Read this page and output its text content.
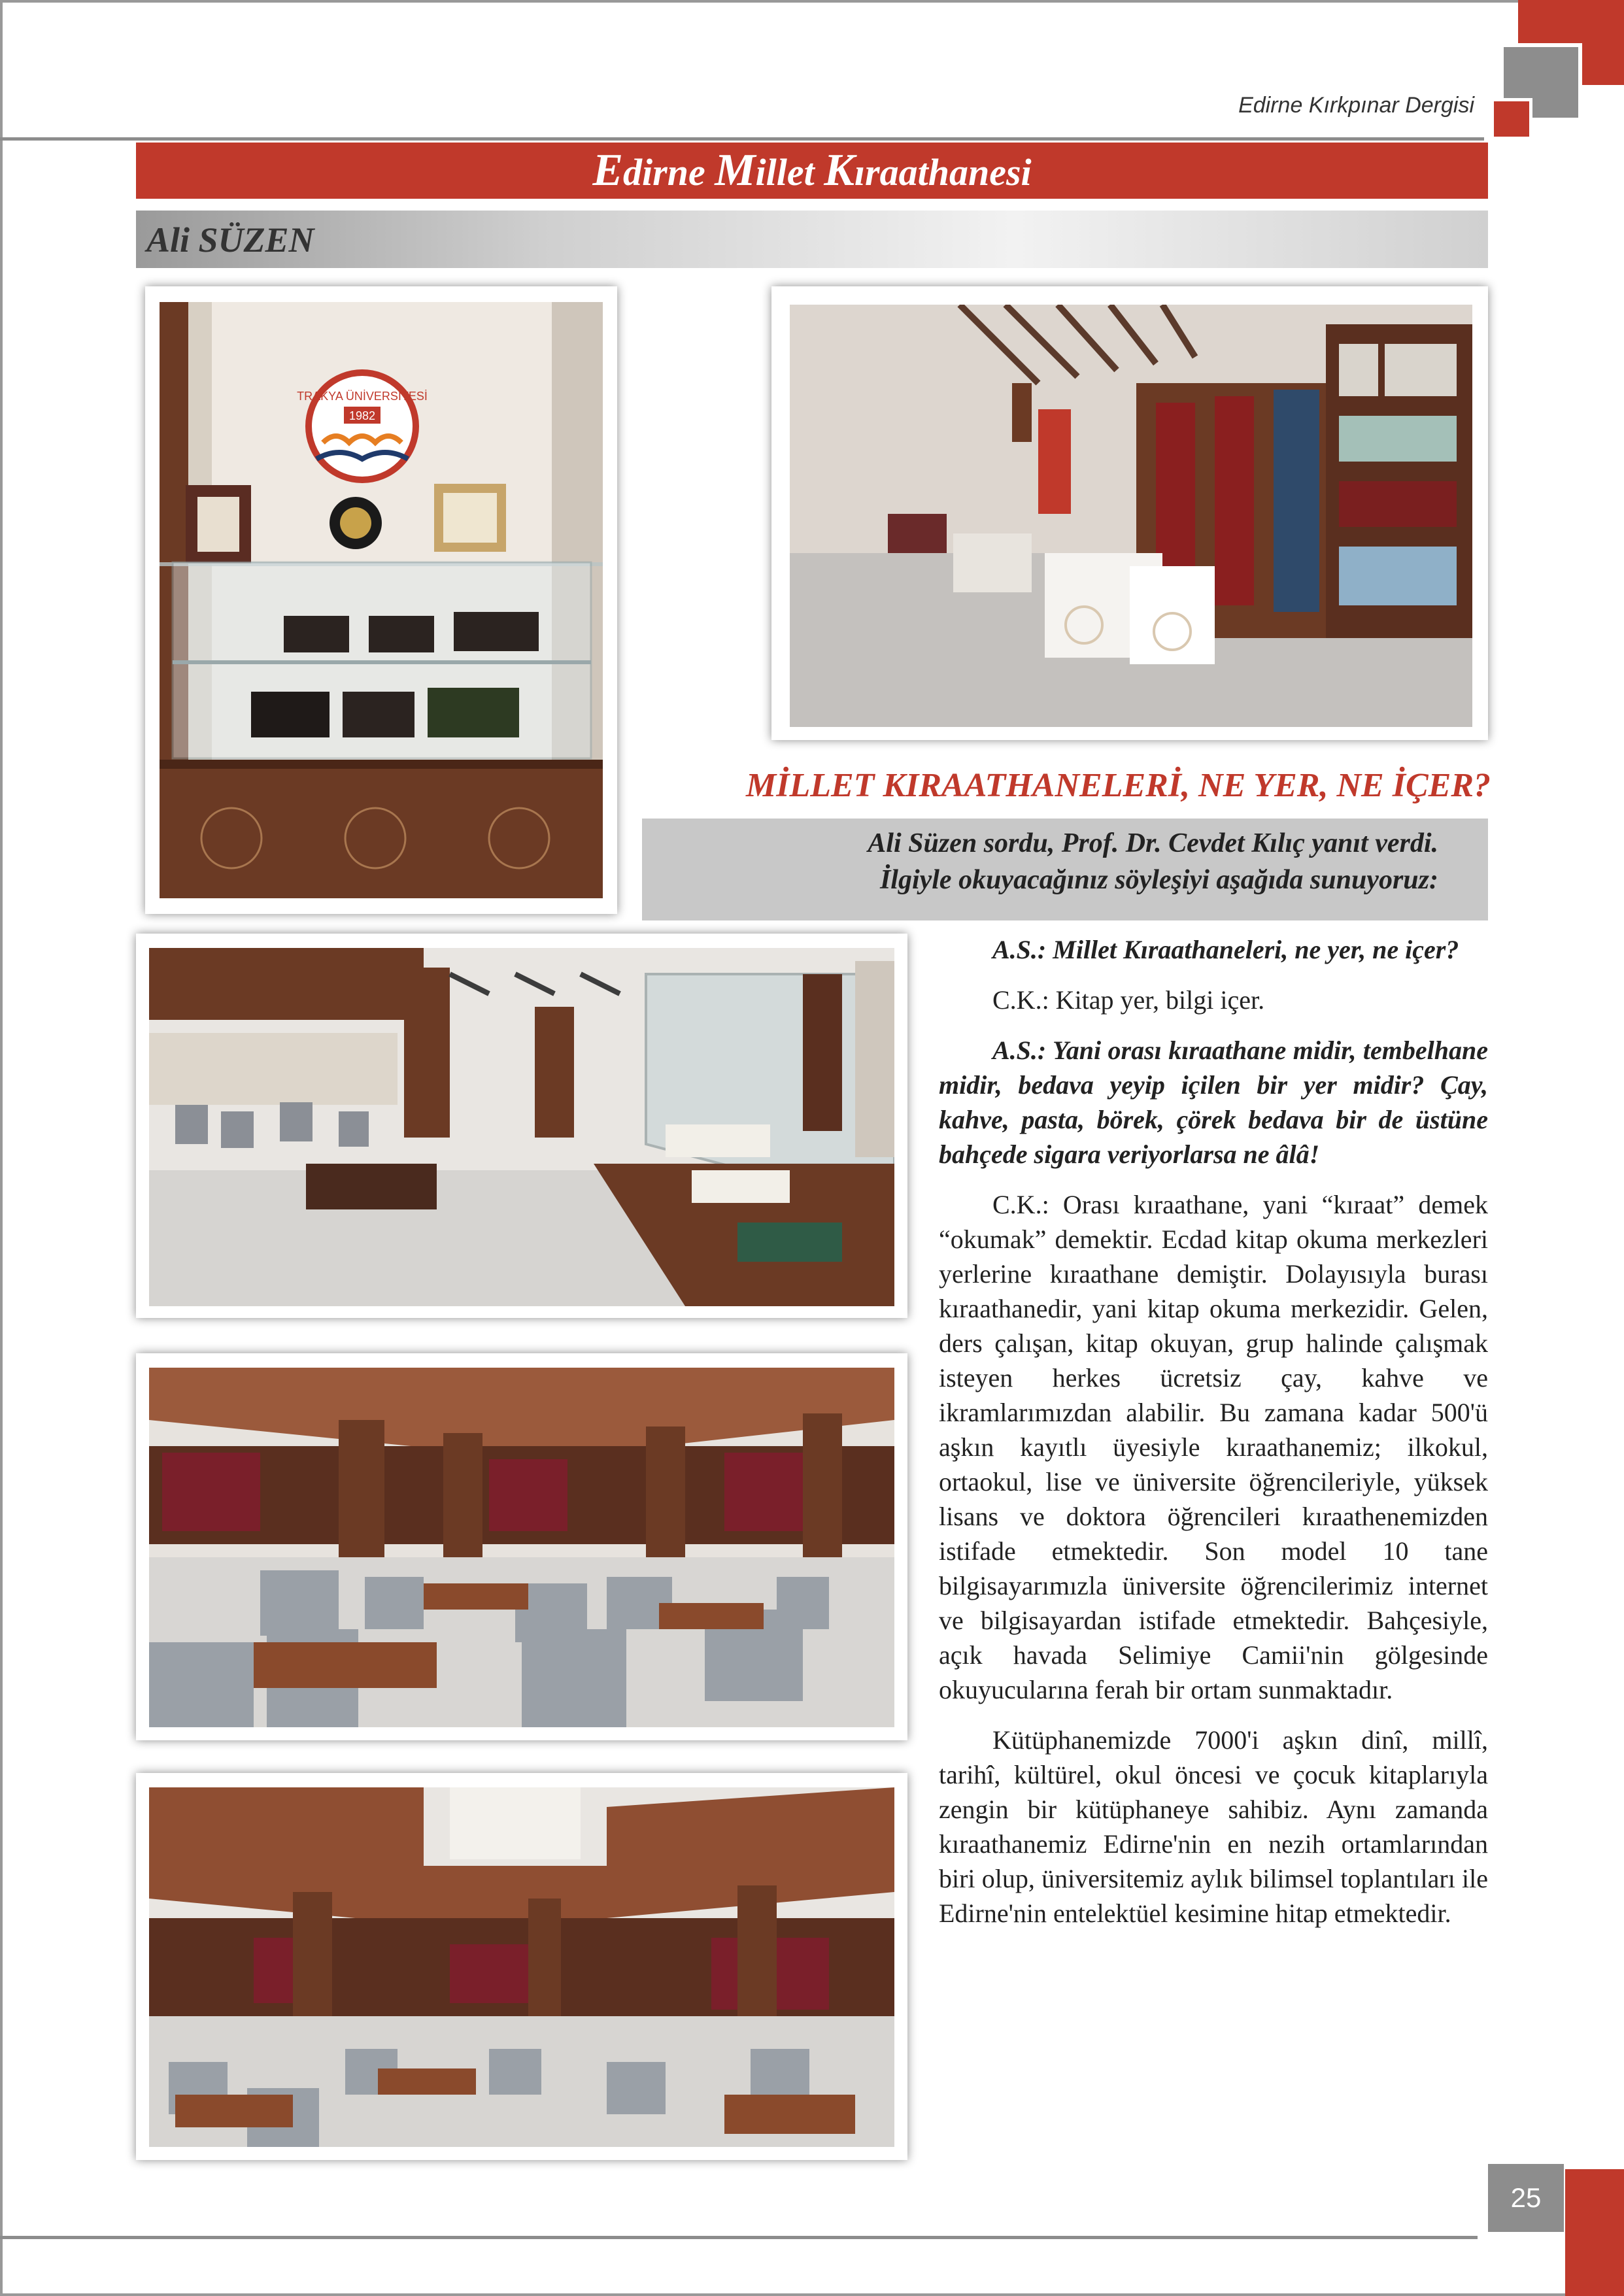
Edirne Kırkpınar Dergisi
Edirne Millet Kıraathanesi
Ali SÜZEN
TRAKYA ÜNİVERSİTESİ
1982
MİLLET KIRAATHANELERİ, NE YER, NE İÇER?
Ali Süzen sordu, Prof. Dr. Cevdet Kılıç yanıt verdi.
İlgiyle okuyacağınız söyleşiyi aşağıda sunuyoruz:

A.S.: Millet Kıraathaneleri, ne yer, ne içer?

C.K.: Kitap yer, bilgi içer.

A.S.: Yani orası kıraathane midir, tembelhane midir, bedava yeyip içilen bir yer midir? Çay, kahve, pasta, börek, çörek bedava bir de üstüne bahçede sigara veriyorlarsa ne âlâ!

C.K.: Orası kıraathane, yani “kıraat” demek “okumak” demektir. Ecdad kitap okuma merkezleri yerlerine kıraathane demiştir. Dolayısıyla burası kıraathanedir, yani kitap okuma merkezidir. Gelen, ders çalışan, kitap okuyan, grup halinde çalışmak isteyen herkes ücretsiz çay, kahve ve ikramlarımızdan alabilir. Bu zamana kadar 500'ü aşkın kayıtlı üyesiyle kıraathanemiz; ilkokul, ortaokul, lise ve üniversite öğrencileriyle, yüksek lisans ve doktora öğrencileri kıraathenemizden istifade etmektedir. Son model 10 tane bilgisayarımızla üniversite öğrencilerimiz internet ve bilgisayardan istifade etmektedir. Bahçesiyle, açık havada Selimiye Camii'nin gölgesinde okuyucularına ferah bir ortam sunmaktadır.

Kütüphanemizde 7000'i aşkın dinî, millî, tarihî, kültürel, okul öncesi ve çocuk kitaplarıyla zengin bir kütüphaneye sahibiz. Aynı zamanda kıraathanemiz Edirne'nin en nezih ortamlarından biri olup, üniversitemiz aylık bilimsel toplantıları ile Edirne'nin entelektüel kesimine hitap etmektedir.

25
